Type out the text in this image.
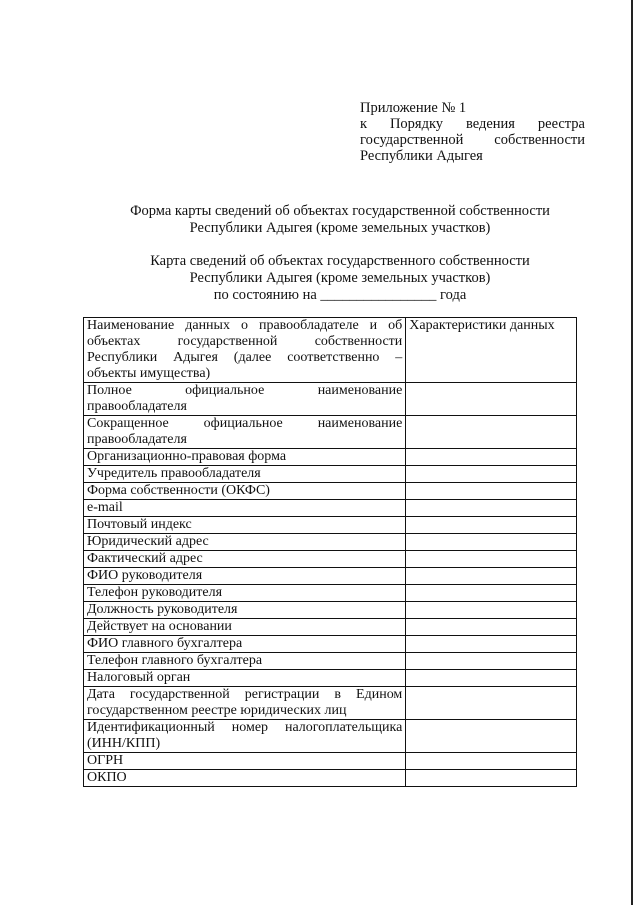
Приложение № 1
к Порядку ведения реестра
государственной собственности
Республики Адыгея
Форма карты сведений об объектах государственной собственности
Республики Адыгея (кроме земельных участков)
Карта сведений об объектах государственного собственности
Республики Адыгея (кроме земельных участков)
по состоянию на ________________ года
Наименование данных о правообладателе и об объектах государственной собственности Республики Адыгея (далее соответственно – объекты имущества)	Характеристики данных
Полное официальное наименование правообладателя	
Сокращенное официальное наименование правообладателя	
Организационно-правовая форма	
Учредитель правообладателя	
Форма собственности (ОКФС)	
e-mail	
Почтовый индекс	
Юридический адрес	
Фактический адрес	
ФИО руководителя	
Телефон руководителя	
Должность руководителя	
Действует на основании	
ФИО главного бухгалтера	
Телефон главного бухгалтера	
Налоговый орган	
Дата государственной регистрации в Едином государственном реестре юридических лиц	
Идентификационный номер налогоплательщика (ИНН/КПП)	
ОГРН	
ОКПО	
